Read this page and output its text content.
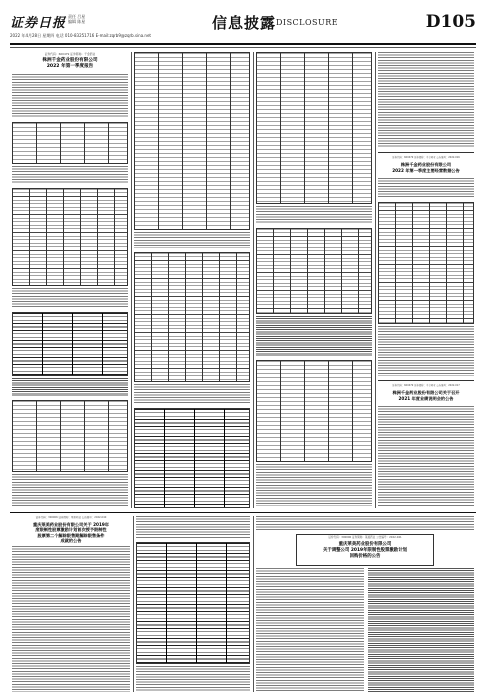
证券日报 责任 吕星
编辑 陈星
2022 年4月28日 星期四 电话 010-83251716 E-mail:zqrb9@zqrb.sina.net
信息披露 DISCLOSURE	D105
证券代码：600479 证券简称：千金药业
株洲千金药业股份有限公司
2022 年第一季度报告
证券代码：600479 证券简称：千金药业 公告编号：2022-016
株洲千金药业股份有限公司
2022 年第一季度主要经营数据公告
证券代码：600479 证券简称：千金药业 公告编号：2022-017
株洲千金药业股份有限公司关于召开
2021 年度业绩说明会的公告
证券代码：300006 证券简称：莱美药业 公告编号：2022-040
重庆莱美药业股份有限公司关于 2019年
度限制性股票激励计划首次授予限制性
股票第二个解除限售期解除限售条件
成就的公告
证券代码：300006 证券简称：莱美药业 公告编号：2022-041
重庆莱美药业股份有限公司
关于调整公司 2019年限制性股票激励计划
回购价格的公告
